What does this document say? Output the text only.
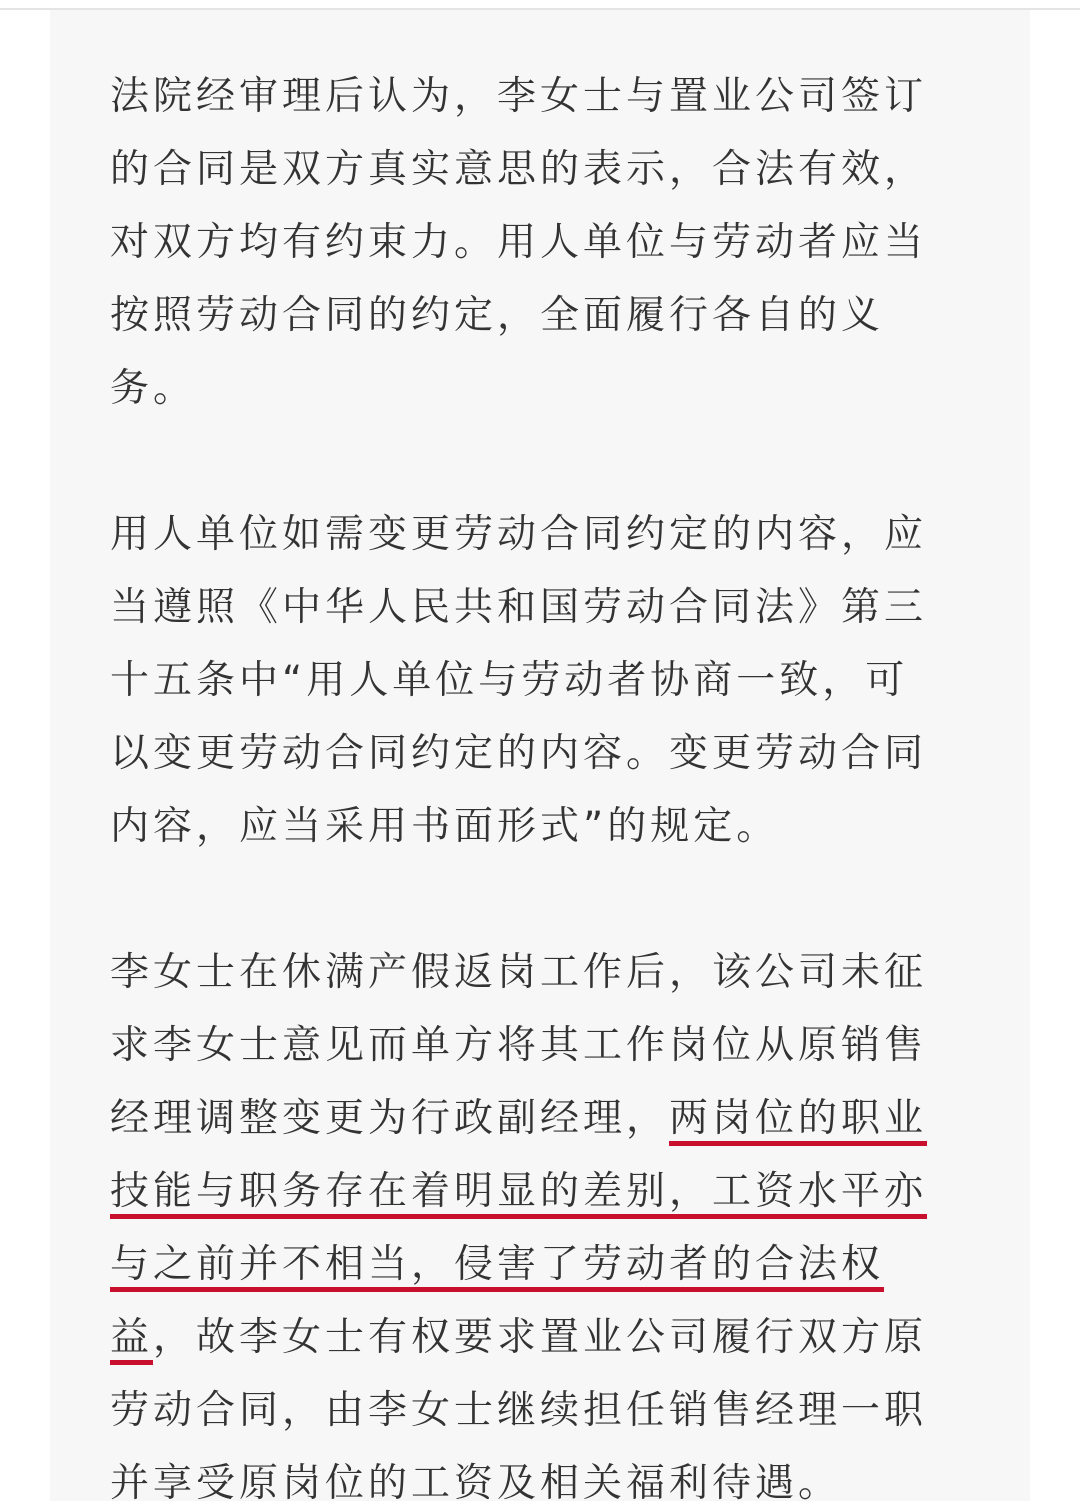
法院经审理后认为，李女士与置业公司签订
的合同是双方真实意思的表示，合法有效，
对双方均有约束力。用人单位与劳动者应当
按照劳动合同的约定，全面履行各自的义
务。

用人单位如需变更劳动合同约定的内容，应
当遵照《中华人民共和国劳动合同法》第三
十五条中“用人单位与劳动者协商一致，可
以变更劳动合同约定的内容。变更劳动合同
内容，应当采用书面形式”的规定。

李女士在休满产假返岗工作后，该公司未征
求李女士意见而单方将其工作岗位从原销售
经理调整变更为行政副经理，两岗位的职业
技能与职务存在着明显的差别，工资水平亦
与之前并不相当，侵害了劳动者的合法权
益，故李女士有权要求置业公司履行双方原
劳动合同，由李女士继续担任销售经理一职
并享受原岗位的工资及相关福利待遇。
